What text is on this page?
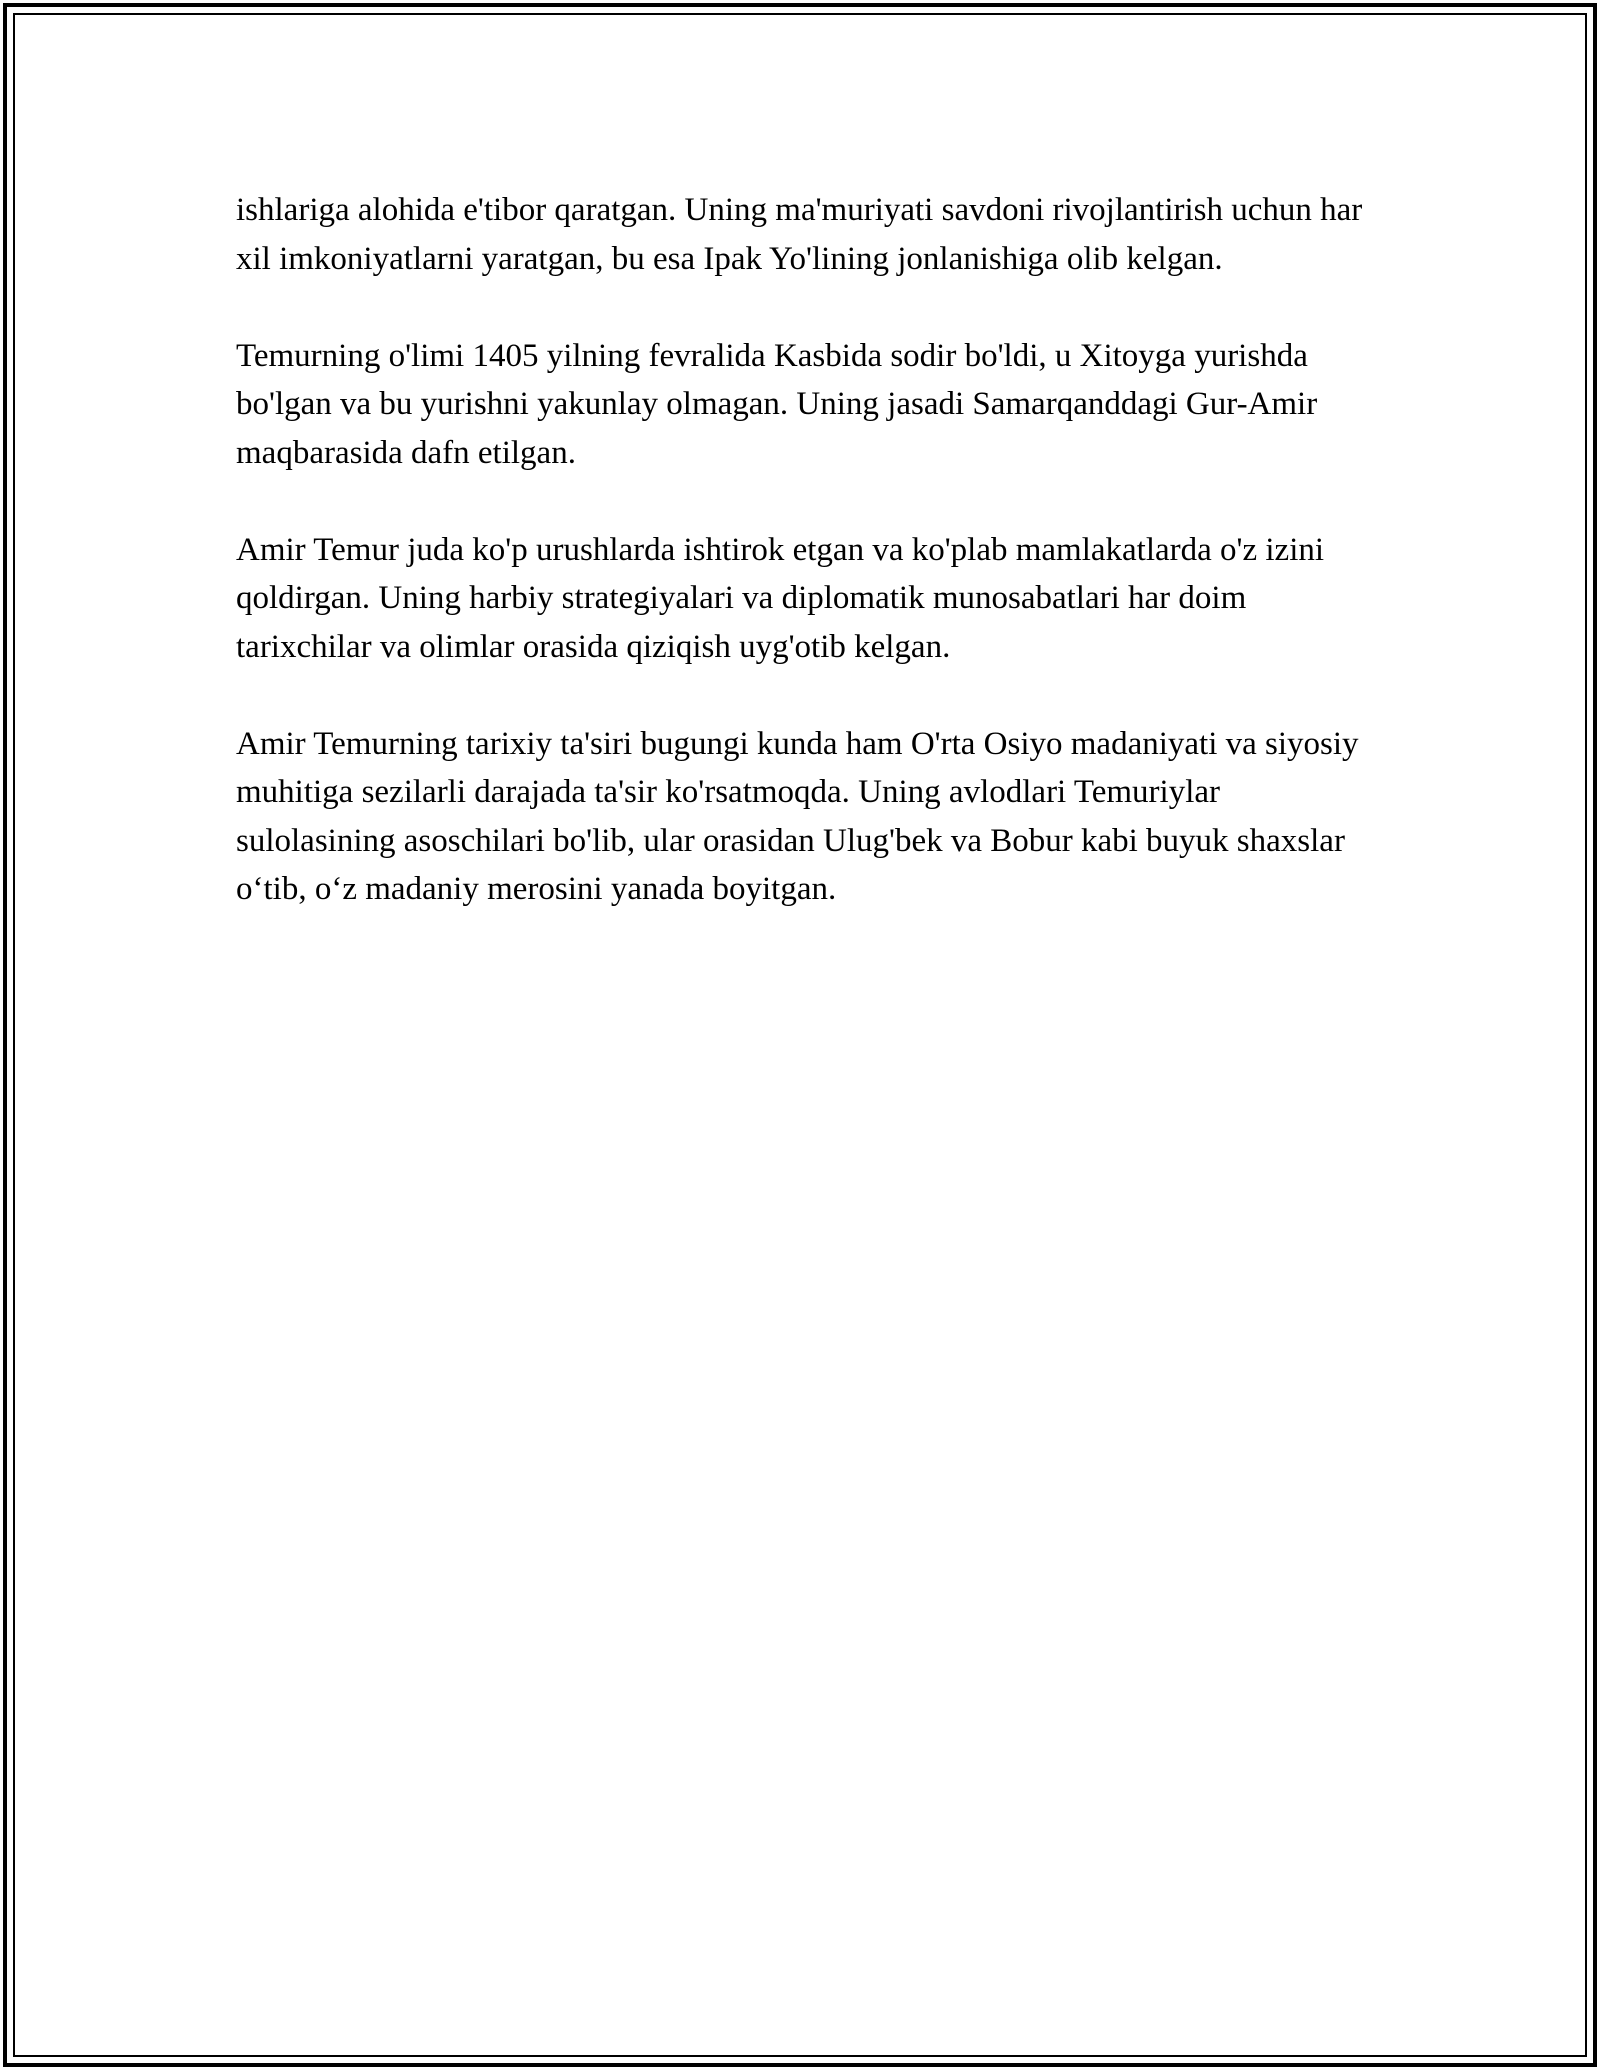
ishlariga alohida e'tibor qaratgan. Uning ma'muriyati savdoni rivojlantirish uchun har xil imkoniyatlarni yaratgan, bu esa Ipak Yo'lining jonlanishiga olib kelgan.

Temurning o'limi 1405 yilning fevralida Kasbida sodir bo'ldi, u Xitoyga yurishda bo'lgan va bu yurishni yakunlay olmagan. Uning jasadi Samarqanddagi Gur-Amir maqbarasida dafn etilgan.

Amir Temur juda ko'p urushlarda ishtirok etgan va ko'plab mamlakatlarda o'z izini qoldirgan. Uning harbiy strategiyalari va diplomatik munosabatlari har doim tarixchilar va olimlar orasida qiziqish uyg'otib kelgan.

Amir Temurning tarixiy ta'siri bugungi kunda ham O'rta Osiyo madaniyati va siyosiy muhitiga sezilarli darajada ta'sir ko'rsatmoqda. Uning avlodlari Temuriylar sulolasining asoschilari bo'lib, ular orasidan Ulug'bek va Bobur kabi buyuk shaxslar o‘tib, o‘z madaniy merosini yanada boyitgan.
